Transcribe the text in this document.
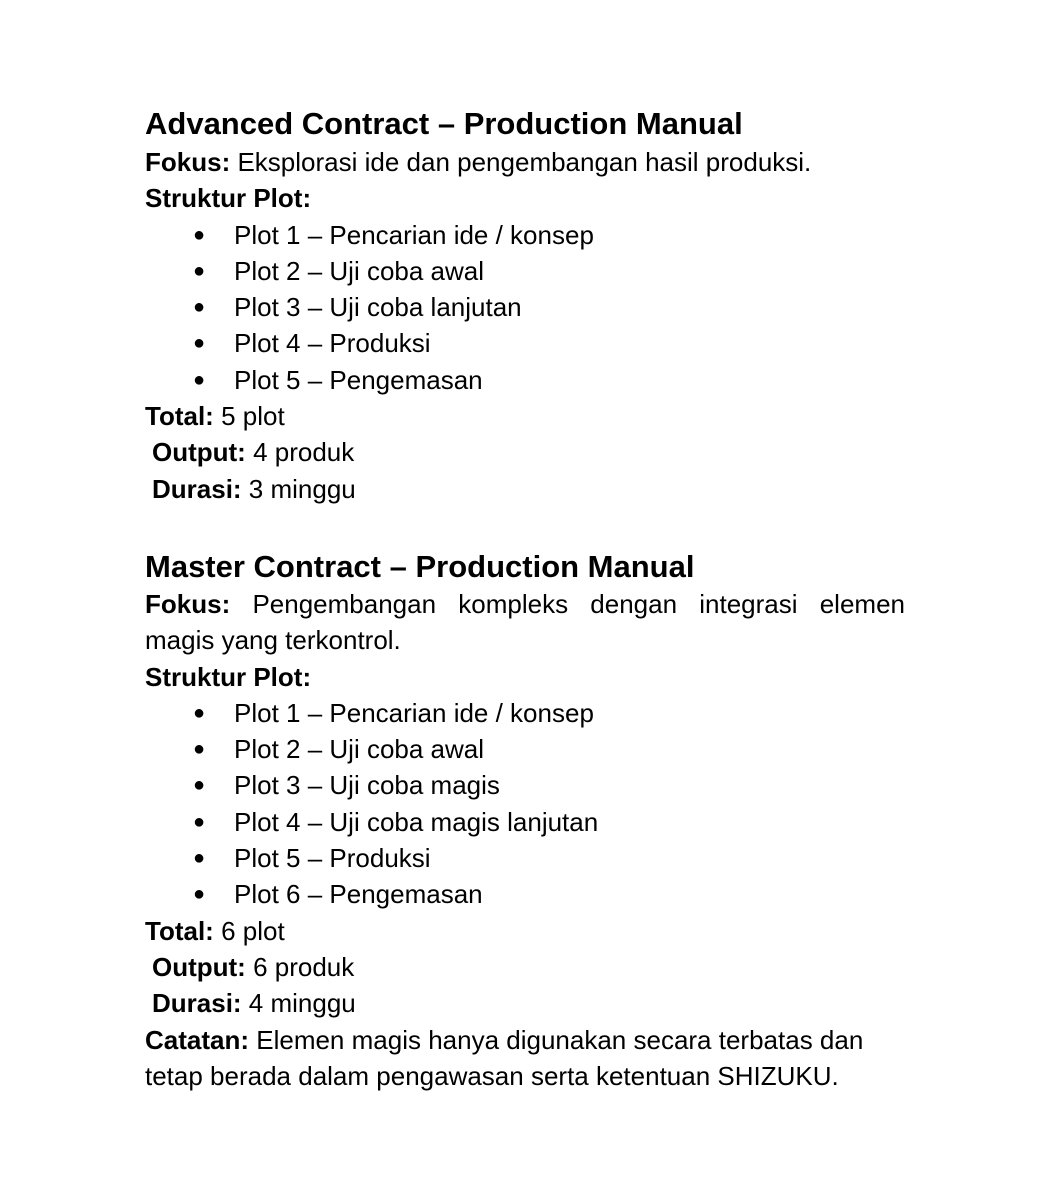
Advanced Contract – Production Manual

Fokus: Eksplorasi ide dan pengembangan hasil produksi.

Struktur Plot:

● Plot 1 – Pencarian ide / konsep
● Plot 2 – Uji coba awal
● Plot 3 – Uji coba lanjutan
● Plot 4 – Produksi
● Plot 5 – Pengemasan

Total: 5 plot

Output: 4 produk

Durasi: 3 minggu

Master Contract – Production Manual

Fokus: Pengembangan kompleks dengan integrasi elemen magis yang terkontrol.

Struktur Plot:

● Plot 1 – Pencarian ide / konsep
● Plot 2 – Uji coba awal
● Plot 3 – Uji coba magis
● Plot 4 – Uji coba magis lanjutan
● Plot 5 – Produksi
● Plot 6 – Pengemasan

Total: 6 plot

Output: 6 produk

Durasi: 4 minggu

Catatan: Elemen magis hanya digunakan secara terbatas dan tetap berada dalam pengawasan serta ketentuan SHIZUKU.
